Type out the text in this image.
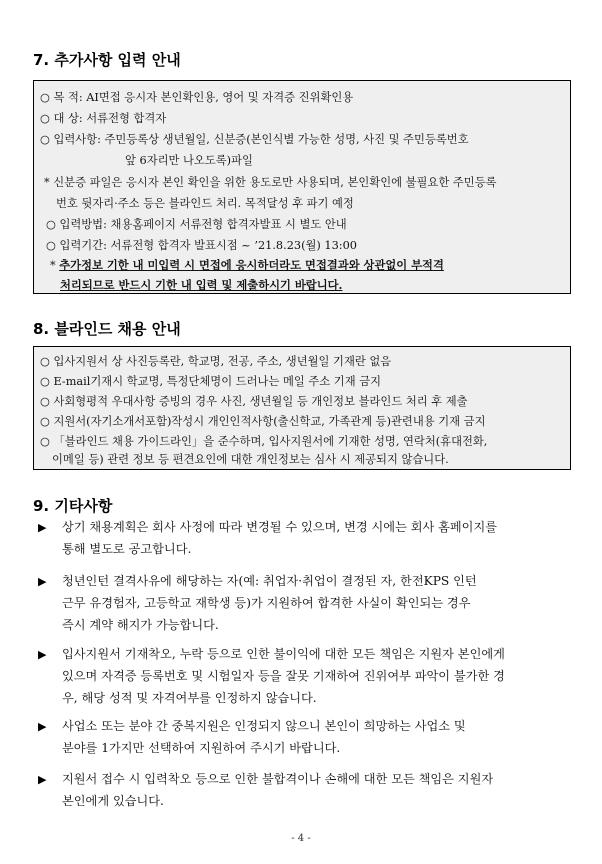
7. 추가사항 입력 안내
○ 목 적: AI면접 응시자 본인확인용, 영어 및 자격증 진위확인용
○ 대 상: 서류전형 합격자
○ 입력사항: 주민등록상 생년월일, 신분증(본인식별 가능한 성명, 사진 및 주민등록번호
앞 6자리만 나오도록)파일
* 신분증 파일은 응시자 본인 확인을 위한 용도로만 사용되며, 본인확인에 불필요한 주민등록
번호 뒷자리·주소 등은 블라인드 처리. 목적달성 후 파기 예정
○ 입력방법: 채용홈페이지 서류전형 합격자발표 시 별도 안내
○ 입력기간: 서류전형 합격자 발표시점 ~ ’21.8.23(월) 13:00
* 추가정보 기한 내 미입력 시 면접에 응시하더라도 면접결과와 상관없이 부적격
처리되므로 반드시 기한 내 입력 및 제출하시기 바랍니다.
8. 블라인드 채용 안내
○ 입사지원서 상 사진등록란, 학교명, 전공, 주소, 생년월일 기재란 없음
○ E-mail기재시 학교명, 특정단체명이 드러나는 메일 주소 기재 금지
○ 사회형평적 우대사항 증빙의 경우 사진, 생년월일 등 개인정보 블라인드 처리 후 제출
○ 지원서(자기소개서포함)작성시 개인인적사항(출신학교, 가족관계 등)관련내용 기재 금지
○ 「블라인드 채용 가이드라인」을 준수하며, 입사지원서에 기재한 성명, 연락처(휴대전화,
이메일 등) 관련 정보 등 편견요인에 대한 개인정보는 심사 시 제공되지 않습니다.
9. 기타사항
▶ 상기 채용계획은 회사 사정에 따라 변경될 수 있으며, 변경 시에는 회사 홈페이지를
통해 별도로 공고합니다.
▶ 청년인턴 결격사유에 해당하는 자(예: 취업자·취업이 결정된 자, 한전KPS 인턴
근무 유경험자, 고등학교 재학생 등)가 지원하여 합격한 사실이 확인되는 경우
즉시 계약 해지가 가능합니다.
▶ 입사지원서 기재착오, 누락 등으로 인한 불이익에 대한 모든 책임은 지원자 본인에게
있으며 자격증 등록번호 및 시험일자 등을 잘못 기재하여 진위여부 파악이 불가한 경
우, 해당 성적 및 자격여부를 인정하지 않습니다.
▶ 사업소 또는 분야 간 중복지원은 인정되지 않으니 본인이 희망하는 사업소 및
분야를 1가지만 선택하여 지원하여 주시기 바랍니다.
▶ 지원서 접수 시 입력착오 등으로 인한 불합격이나 손해에 대한 모든 책임은 지원자
본인에게 있습니다.
- 4 -
